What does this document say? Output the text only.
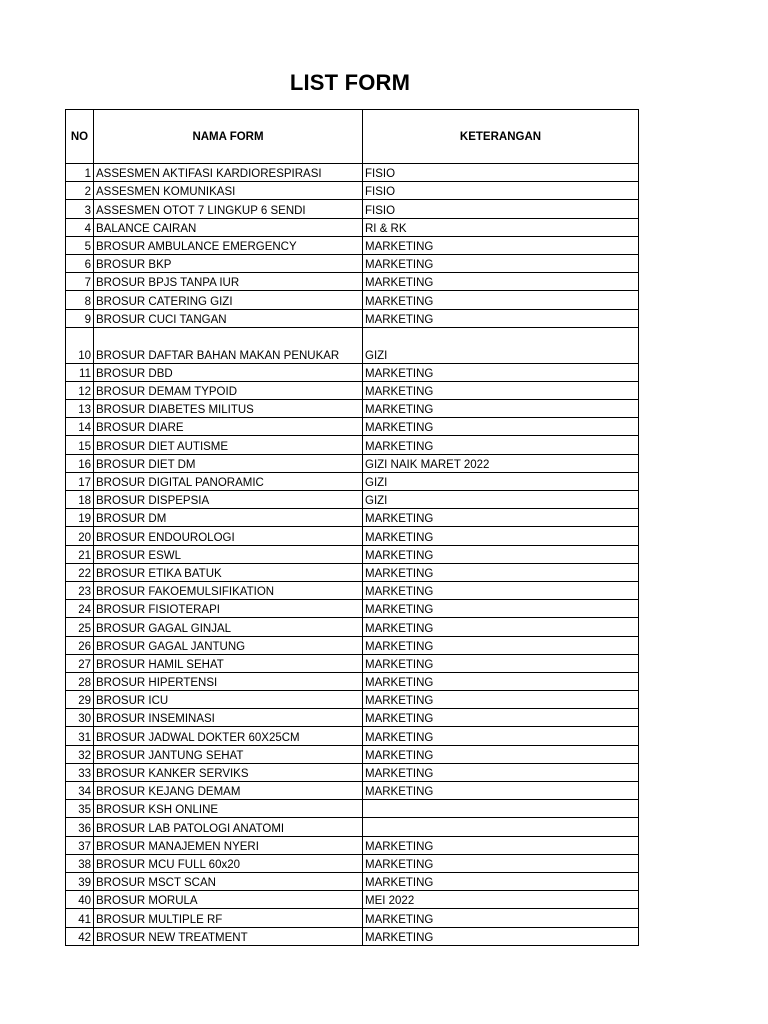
LIST FORM
NO	NAMA FORM	KETERANGAN
1	ASSESMEN AKTIFASI KARDIORESPIRASI	FISIO
2	ASSESMEN KOMUNIKASI	FISIO
3	ASSESMEN OTOT 7 LINGKUP 6 SENDI	FISIO
4	BALANCE CAIRAN	RI & RK
5	BROSUR AMBULANCE EMERGENCY	MARKETING
6	BROSUR BKP	MARKETING
7	BROSUR BPJS TANPA IUR	MARKETING
8	BROSUR CATERING GIZI	MARKETING
9	BROSUR CUCI TANGAN	MARKETING
10	BROSUR DAFTAR BAHAN MAKAN PENUKAR	GIZI
11	BROSUR DBD	MARKETING
12	BROSUR DEMAM TYPOID	MARKETING
13	BROSUR DIABETES MILITUS	MARKETING
14	BROSUR DIARE	MARKETING
15	BROSUR DIET AUTISME	MARKETING
16	BROSUR DIET DM	GIZI NAIK MARET 2022
17	BROSUR DIGITAL PANORAMIC	GIZI
18	BROSUR DISPEPSIA	GIZI
19	BROSUR DM	MARKETING
20	BROSUR ENDOUROLOGI	MARKETING
21	BROSUR ESWL	MARKETING
22	BROSUR ETIKA BATUK	MARKETING
23	BROSUR FAKOEMULSIFIKATION	MARKETING
24	BROSUR FISIOTERAPI	MARKETING
25	BROSUR GAGAL GINJAL	MARKETING
26	BROSUR GAGAL JANTUNG	MARKETING
27	BROSUR HAMIL SEHAT	MARKETING
28	BROSUR HIPERTENSI	MARKETING
29	BROSUR ICU	MARKETING
30	BROSUR INSEMINASI	MARKETING
31	BROSUR JADWAL DOKTER 60X25CM	MARKETING
32	BROSUR JANTUNG SEHAT	MARKETING
33	BROSUR KANKER SERVIKS	MARKETING
34	BROSUR KEJANG DEMAM	MARKETING
35	BROSUR KSH ONLINE	
36	BROSUR LAB PATOLOGI ANATOMI	
37	BROSUR MANAJEMEN NYERI	MARKETING
38	BROSUR MCU FULL 60x20	MARKETING
39	BROSUR MSCT SCAN	MARKETING
40	BROSUR MORULA	MEI 2022
41	BROSUR MULTIPLE RF	MARKETING
42	BROSUR NEW TREATMENT	MARKETING
